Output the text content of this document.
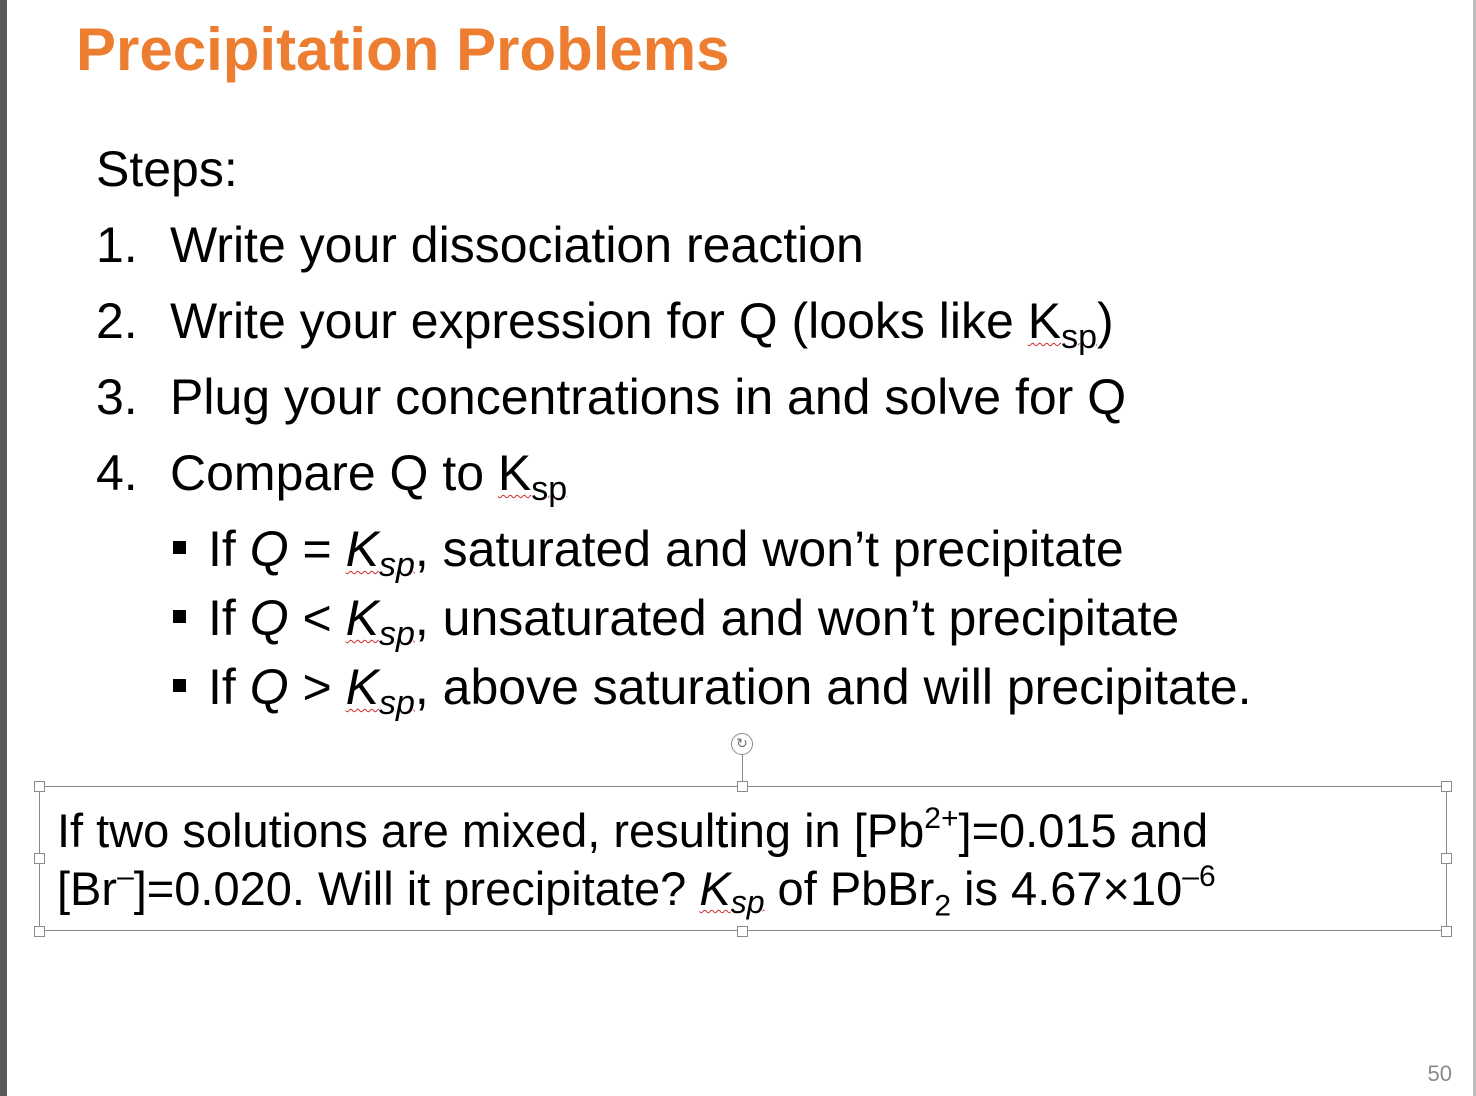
Precipitation Problems
Steps:
1. Write your dissociation reaction
2. Write your expression for Q (looks like $K_{sp}$)
3. Plug your concentrations in and solve for Q
4. Compare Q to $K_{sp}$
If $Q = K_{sp}$, saturated and won’t precipitate
If $Q < K_{sp}$, unsaturated and won’t precipitate
If $Q > K_{sp}$, above saturation and will precipitate.
↻
If two solutions are mixed, resulting in $[Pb^{2+}]=0.015$ and
[Br–]=0.020. Will it precipitate? Ksp of PbBr$_2$ is $4.67\times 10^{-6}$
50
